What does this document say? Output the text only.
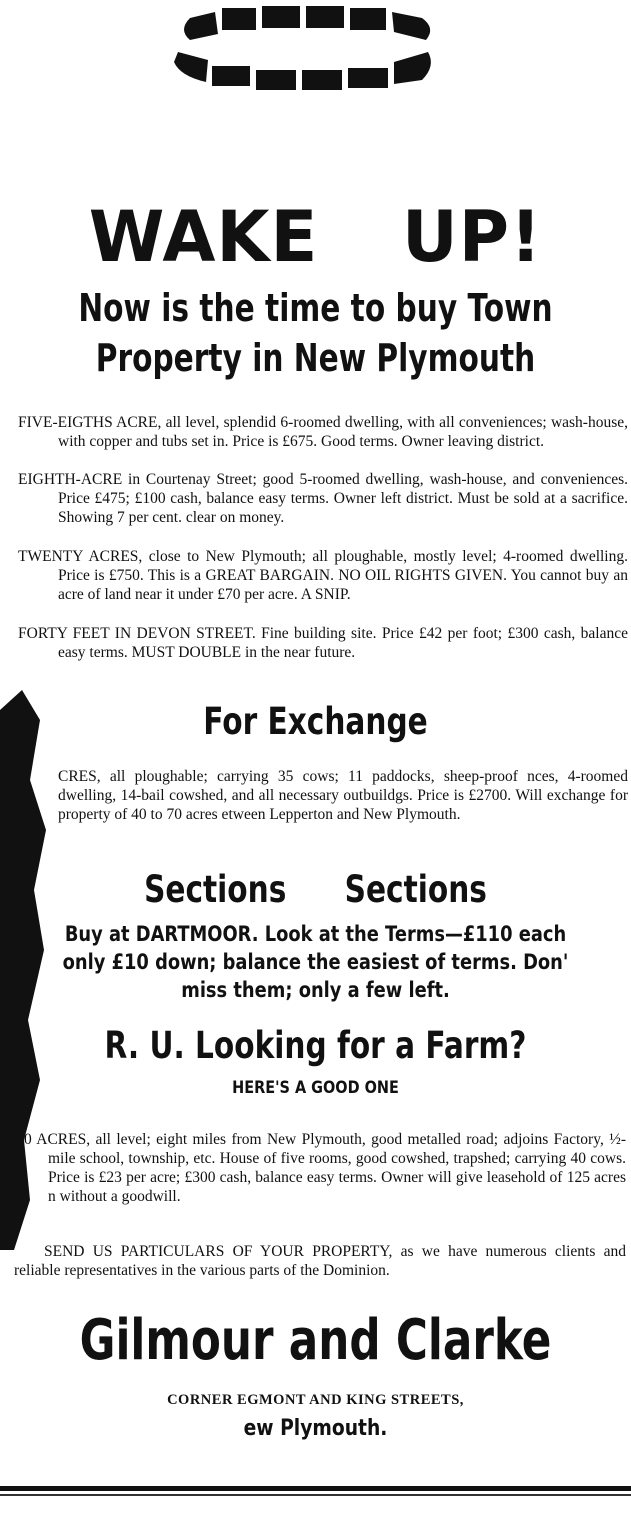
WAKE UP!
Now is the time to buy Town
Property in New Plymouth
FIVE-EIGTHS ACRE, all level, splendid 6-roomed dwelling, with all conveniences; wash-house, with copper and tubs set in. Price is £675. Good terms. Owner leaving district.
EIGHTH-ACRE in Courtenay Street; good 5-roomed dwelling, wash-house, and conveniences. Price £475; £100 cash, balance easy terms. Owner left district. Must be sold at a sacrifice. Showing 7 per cent. clear on money.
TWENTY ACRES, close to New Plymouth; all ploughable, mostly level; 4-roomed dwelling. Price is £750. This is a GREAT BARGAIN. NO OIL RIGHTS GIVEN. You cannot buy an acre of land near it under £70 per acre. A SNIP.
FORTY FEET IN DEVON STREET. Fine building site. Price £42 per foot; £300 cash, balance easy terms. MUST DOUBLE in the near future.
For Exchange
CRES, all ploughable; carrying 35 cows; 11 paddocks, sheep-proof nces, 4-roomed dwelling, 14-bail cowshed, and all necessary outbuildgs. Price is £2700. Will exchange for property of 40 to 70 acres etween Lepperton and New Plymouth.
Sections Sections
Buy at DARTMOOR. Look at the Terms—£110 each
only £10 down; balance the easiest of terms. Don'
miss them; only a few left.
R. U. Looking for a Farm?
HERE'S A GOOD ONE
0 ACRES, all level; eight miles from New Plymouth, good metalled road; adjoins Factory, ½-mile school, township, etc. House of five rooms, good cowshed, trapshed; carrying 40 cows. Price is £23 per acre; £300 cash, balance easy terms. Owner will give leasehold of 125 acres n without a goodwill.
SEND US PARTICULARS OF YOUR PROPERTY, as we have numerous clients and reliable representatives in the various parts of the Dominion.
Gilmour and Clarke
CORNER EGMONT AND KING STREETS,
ew Plymouth.
